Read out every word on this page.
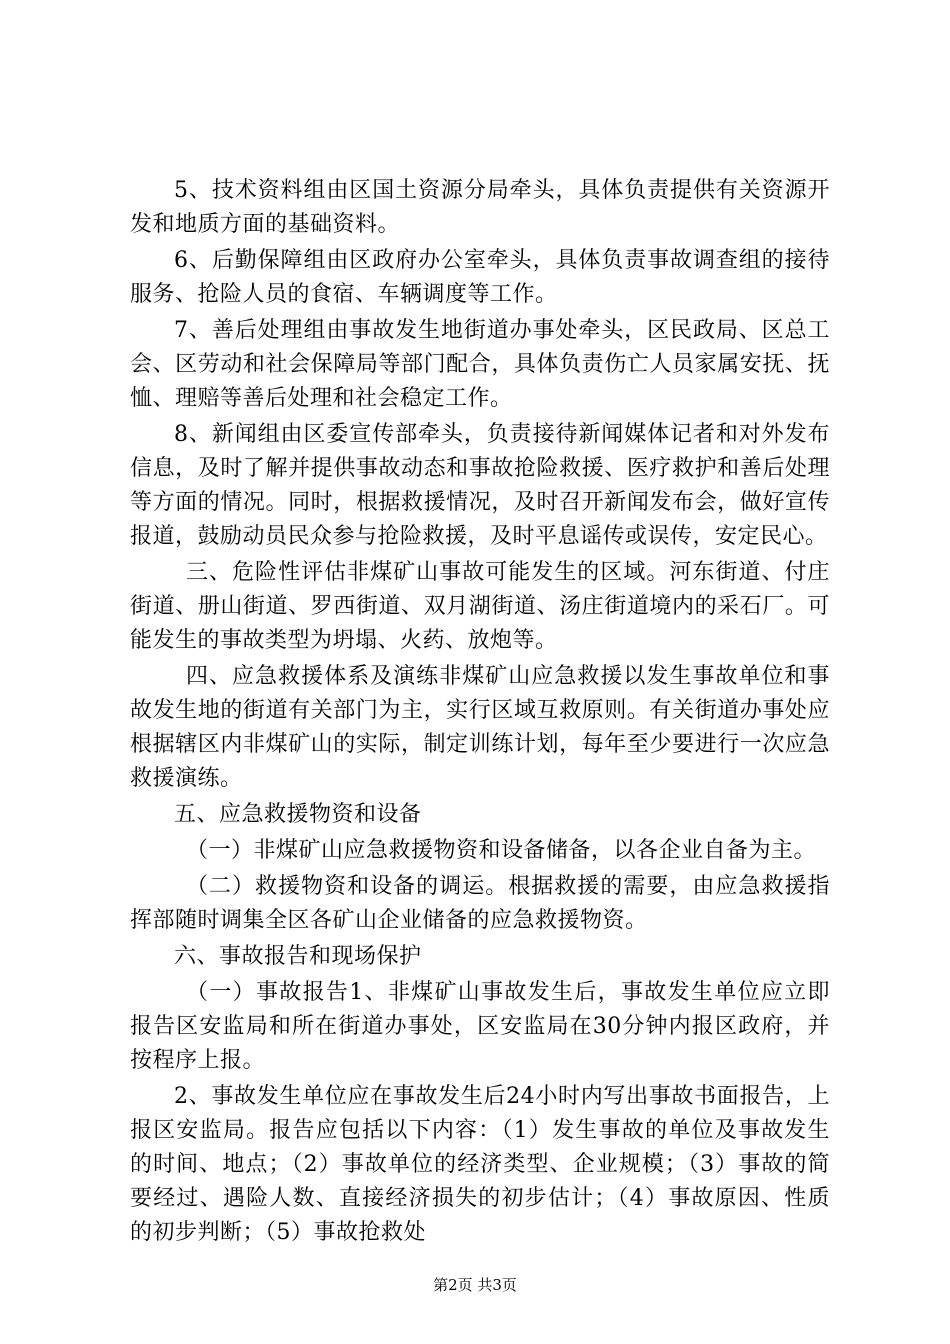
5、技术资料组由区国土资源分局牵头，具体负责提供有关资源开发和地质方面的基础资料。

6、后勤保障组由区政府办公室牵头，具体负责事故调查组的接待服务、抢险人员的食宿、车辆调度等工作。

7、善后处理组由事故发生地街道办事处牵头，区民政局、区总工会、区劳动和社会保障局等部门配合，具体负责伤亡人员家属安抚、抚恤、理赔等善后处理和社会稳定工作。

8、新闻组由区委宣传部牵头，负责接待新闻媒体记者和对外发布信息，及时了解并提供事故动态和事故抢险救援、医疗救护和善后处理等方面的情况。同时，根据救援情况，及时召开新闻发布会，做好宣传报道，鼓励动员民众参与抢险救援，及时平息谣传或误传，安定民心。

三、危险性评估非煤矿山事故可能发生的区域。河东街道、付庄街道、册山街道、罗西街道、双月湖街道、汤庄街道境内的采石厂。可能发生的事故类型为坍塌、火药、放炮等。

四、应急救援体系及演练非煤矿山应急救援以发生事故单位和事故发生地的街道有关部门为主，实行区域互救原则。有关街道办事处应根据辖区内非煤矿山的实际，制定训练计划，每年至少要进行一次应急救援演练。

五、应急救援物资和设备

（一）非煤矿山应急救援物资和设备储备，以各企业自备为主。

（二）救援物资和设备的调运。根据救援的需要，由应急救援指挥部随时调集全区各矿山企业储备的应急救援物资。

六、事故报告和现场保护

（一）事故报告1、非煤矿山事故发生后，事故发生单位应立即报告区安监局和所在街道办事处，区安监局在30分钟内报区政府，并按程序上报。

2、事故发生单位应在事故发生后24小时内写出事故书面报告，上报区安监局。报告应包括以下内容：（1）发生事故的单位及事故发生的时间、地点；（2）事故单位的经济类型、企业规模；（3）事故的简要经过、遇险人数、直接经济损失的初步估计；（4）事故原因、性质的初步判断；（5）事故抢救处

第2页 共3页
